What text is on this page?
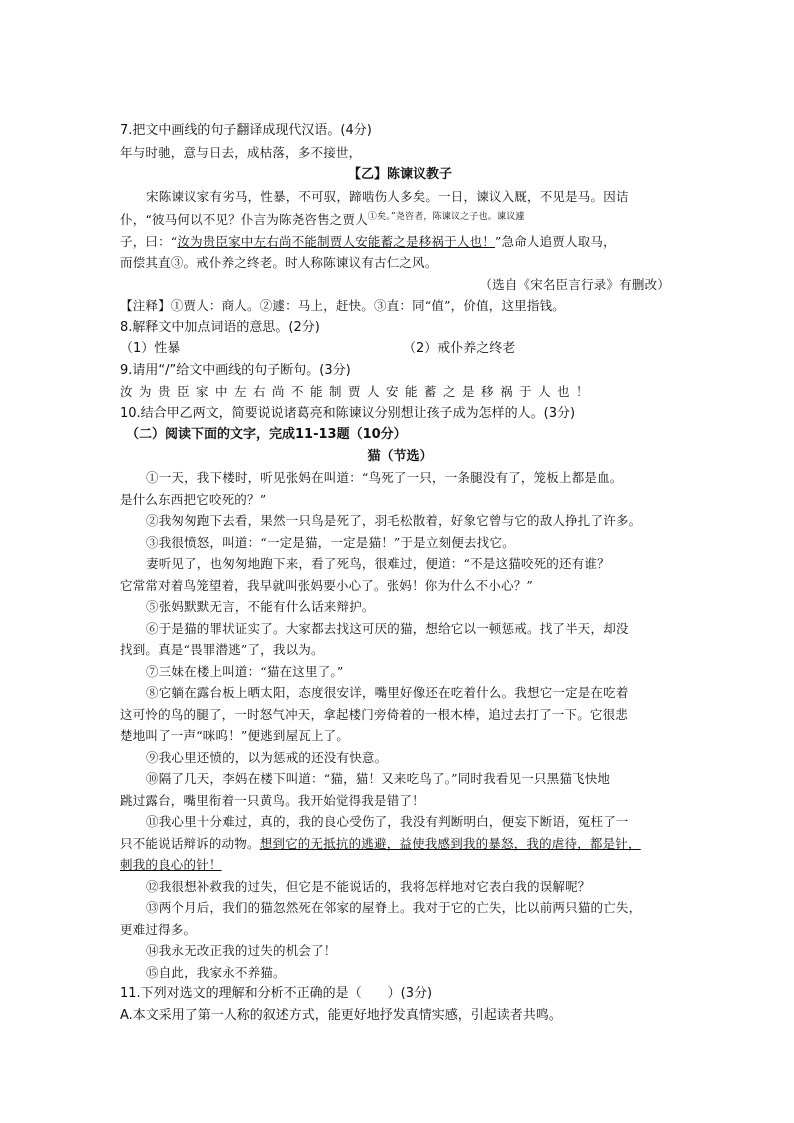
7.把文中画线的句子翻译成现代汉语。(4分)

年与时驰，意与日去，成枯落，多不接世，

【乙】陈谏议教子

宋陈谏议家有劣马，性暴，不可驭，蹄啮伤人多矣。一日，谏议入厩，不见是马。因诘

仆，“彼马何以不见？仆言为陈尧咨售之贾人$^{①矣。”尧咨者,陈谏议之子也。谏议遽}$

子，曰：“汝为贵臣家中左右尚不能制贾人安能蓄之是移祸于人也！”急命人追贾人取马，

而偿其直③。戒仆养之终老。时人称陈谏议有古仁之风。

（选自《宋名臣言行录》有删改）

【注释】①贾人：商人。②遽：马上，赶快。③直：同“值”，价值，这里指钱。

8.解释文中加点词语的意思。(2分)

（1）性暴	（2）戒仆养之终老

9.请用“/”给文中画线的句子断句。(3分)

汝为贵臣家中左右尚不能制贾人安能蓄之是移祸于人也！

10.结合甲乙两文，简要说说诸葛亮和陈谏议分别想让孩子成为怎样的人。(3分)

（二）阅读下面的文字，完成11-13题（10分）

猫（节选）

①一天，我下楼时，听见张妈在叫道：“鸟死了一只，一条腿没有了，笼板上都是血。

是什么东西把它咬死的？”

②我匆匆跑下去看，果然一只鸟是死了，羽毛松散着，好象它曾与它的敌人挣扎了许多。

③我很愤怒，叫道：“一定是猫，一定是猫！”于是立刻便去找它。

妻听见了，也匆匆地跑下来，看了死鸟，很难过，便道：“不是这猫咬死的还有谁？

它常常对着鸟笼望着，我早就叫张妈要小心了。张妈！你为什么不小心？”

⑤张妈默默无言，不能有什么话来辩护。

⑥于是猫的罪状证实了。大家都去找这可厌的猫，想给它以一顿惩戒。找了半天，却没

找到。真是“畏罪潜逃”了，我以为。

⑦三妹在楼上叫道：“猫在这里了。”

⑧它躺在露台板上晒太阳，态度很安详，嘴里好像还在吃着什么。我想它一定是在吃着

这可怜的鸟的腿了，一时怒气冲天，拿起楼门旁倚着的一根木棒，追过去打了一下。它很悲

楚地叫了一声“咪呜！”便逃到屋瓦上了。

⑨我心里还愤的，以为惩戒的还没有快意。

⑩隔了几天，李妈在楼下叫道：“猫，猫！又来吃鸟了。”同时我看见一只黑猫飞快地

跳过露台，嘴里衔着一只黄鸟。我开始觉得我是错了！

⑪我心里十分难过，真的，我的良心受伤了，我没有判断明白，便妄下断语，冤枉了一

只不能说话辩诉的动物。想到它的无抵抗的逃避，益使我感到我的暴怒，我的虐待，都是针，

刺我的良心的针！

⑫我很想补救我的过失，但它是不能说话的，我将怎样地对它表白我的误解呢？

⑬两个月后，我们的猫忽然死在邻家的屋脊上。我对于它的亡失，比以前两只猫的亡失，

更难过得多。

⑭我永无改正我的过失的机会了！

⑮自此，我家永不养猫。

11.下列对选文的理解和分析不正确的是（　　）(3分)

A.本文采用了第一人称的叙述方式，能更好地抒发真情实感，引起读者共鸣。
